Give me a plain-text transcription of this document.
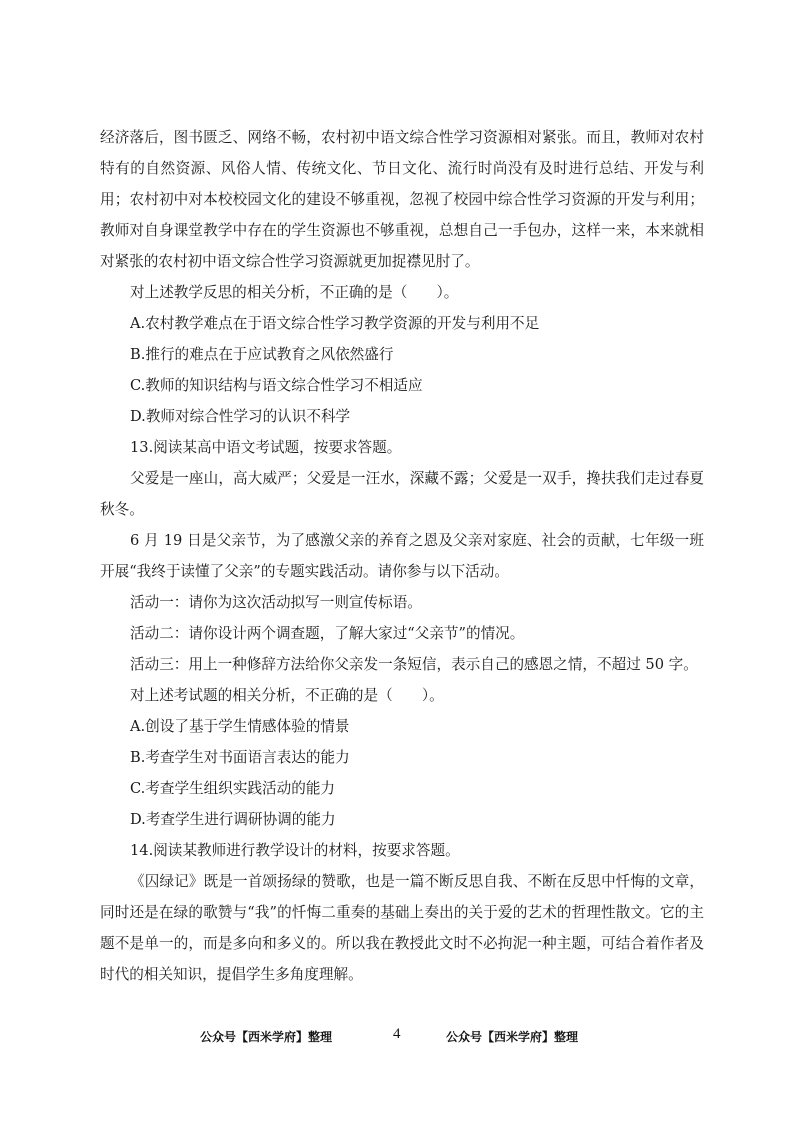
经济落后，图书匮乏、网络不畅，农村初中语文综合性学习资源相对紧张。而且，教师对农村特有的自然资源、风俗人情、传统文化、节日文化、流行时尚没有及时进行总结、开发与利用；农村初中对本校校园文化的建设不够重视，忽视了校园中综合性学习资源的开发与利用；教师对自身课堂教学中存在的学生资源也不够重视，总想自己一手包办，这样一来，本来就相对紧张的农村初中语文综合性学习资源就更加捉襟见肘了。

对上述教学反思的相关分析，不正确的是（　　）。

A.农村教学难点在于语文综合性学习教学资源的开发与利用不足

B.推行的难点在于应试教育之风依然盛行

C.教师的知识结构与语文综合性学习不相适应

D.教师对综合性学习的认识不科学

13.阅读某高中语文考试题，按要求答题。

父爱是一座山，高大威严；父爱是一汪水，深藏不露；父爱是一双手，搀扶我们走过春夏秋冬。

6 月 19 日是父亲节，为了感激父亲的养育之恩及父亲对家庭、社会的贡献，七年级一班开展“我终于读懂了父亲”的专题实践活动。请你参与以下活动。

活动一：请你为这次活动拟写一则宣传标语。

活动二：请你设计两个调查题，了解大家过“父亲节”的情况。

活动三：用上一种修辞方法给你父亲发一条短信，表示自己的感恩之情，不超过 50 字。

对上述考试题的相关分析，不正确的是（　　）。

A.创设了基于学生情感体验的情景

B.考查学生对书面语言表达的能力

C.考查学生组织实践活动的能力

D.考查学生进行调研协调的能力

14.阅读某教师进行教学设计的材料，按要求答题。

《囚绿记》既是一首颂扬绿的赞歌，也是一篇不断反思自我、不断在反思中忏悔的文章，同时还是在绿的歌赞与“我”的忏悔二重奏的基础上奏出的关于爱的艺术的哲理性散文。它的主题不是单一的，而是多向和多义的。所以我在教授此文时不必拘泥一种主题，可结合着作者及时代的相关知识，提倡学生多角度理解。

公众号【西米学府】整理	4	公众号【西米学府】整理
